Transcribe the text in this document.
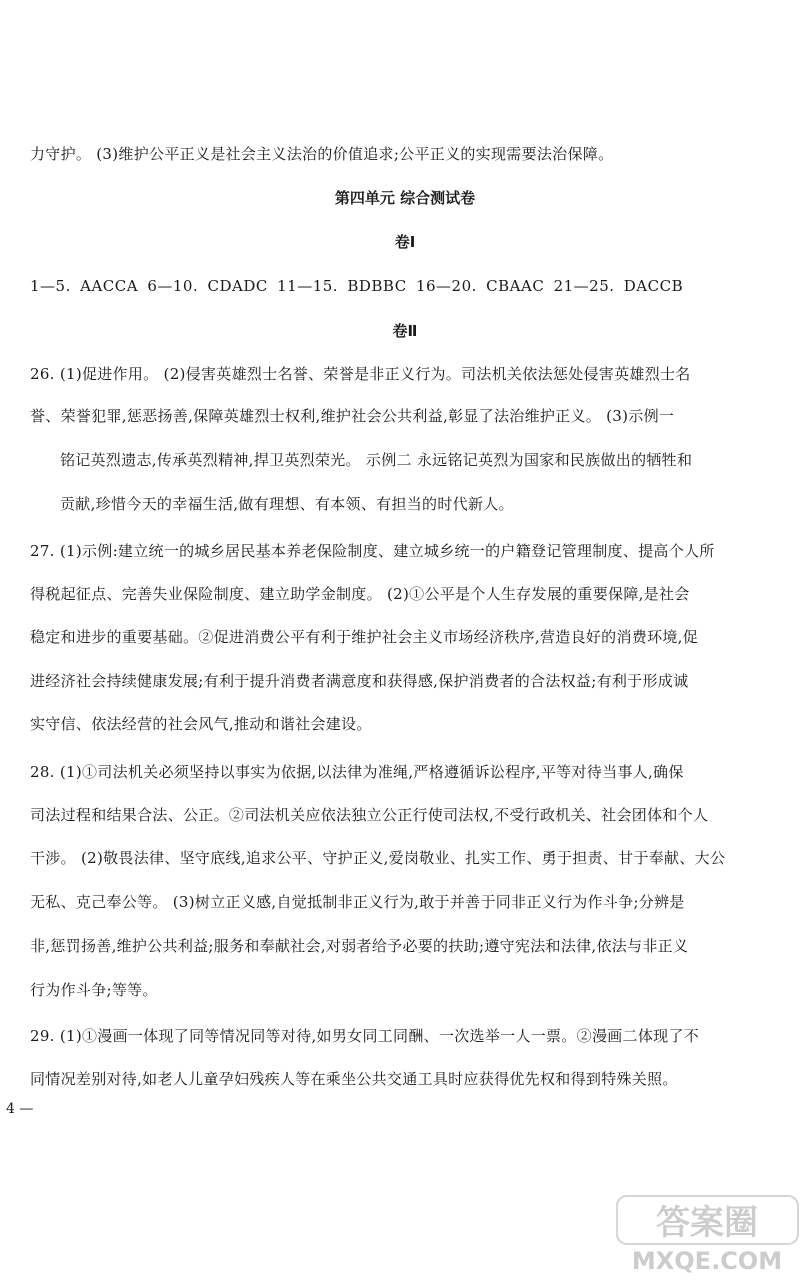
力守护。 (3)维护公平正义是社会主义法治的价值追求;公平正义的实现需要法治保障。
第四单元 综合测试卷
卷Ⅰ
1—5. AACCA 6—10. CDADC 11—15. BDBBC 16—20. CBAAC 21—25. DACCB
卷Ⅱ
26. (1)促进作用。 (2)侵害英雄烈士名誉、荣誉是非正义行为。司法机关依法惩处侵害英雄烈士名
誉、荣誉犯罪,惩恶扬善,保障英雄烈士权利,维护社会公共利益,彰显了法治维护正义。 (3)示例一
铭记英烈遗志,传承英烈精神,捍卫英烈荣光。 示例二 永远铭记英烈为国家和民族做出的牺牲和
贡献,珍惜今天的幸福生活,做有理想、有本领、有担当的时代新人。
27. (1)示例:建立统一的城乡居民基本养老保险制度、建立城乡统一的户籍登记管理制度、提高个人所
得税起征点、完善失业保险制度、建立助学金制度。 (2)①公平是个人生存发展的重要保障,是社会
稳定和进步的重要基础。②促进消费公平有利于维护社会主义市场经济秩序,营造良好的消费环境,促
进经济社会持续健康发展;有利于提升消费者满意度和获得感,保护消费者的合法权益;有利于形成诚
实守信、依法经营的社会风气,推动和谐社会建设。
28. (1)①司法机关必须坚持以事实为依据,以法律为准绳,严格遵循诉讼程序,平等对待当事人,确保
司法过程和结果合法、公正。②司法机关应依法独立公正行使司法权,不受行政机关、社会团体和个人
干涉。 (2)敬畏法律、坚守底线,追求公平、守护正义,爱岗敬业、扎实工作、勇于担责、甘于奉献、大公
无私、克己奉公等。 (3)树立正义感,自觉抵制非正义行为,敢于并善于同非正义行为作斗争;分辨是
非,惩罚扬善,维护公共利益;服务和奉献社会,对弱者给予必要的扶助;遵守宪法和法律,依法与非正义
行为作斗争;等等。
29. (1)①漫画一体现了同等情况同等对待,如男女同工同酬、一次选举一人一票。②漫画二体现了不
同情况差别对待,如老人儿童孕妇残疾人等在乘坐公共交通工具时应获得优先权和得到特殊关照。
4 —
答案圈
MXQE.COM
